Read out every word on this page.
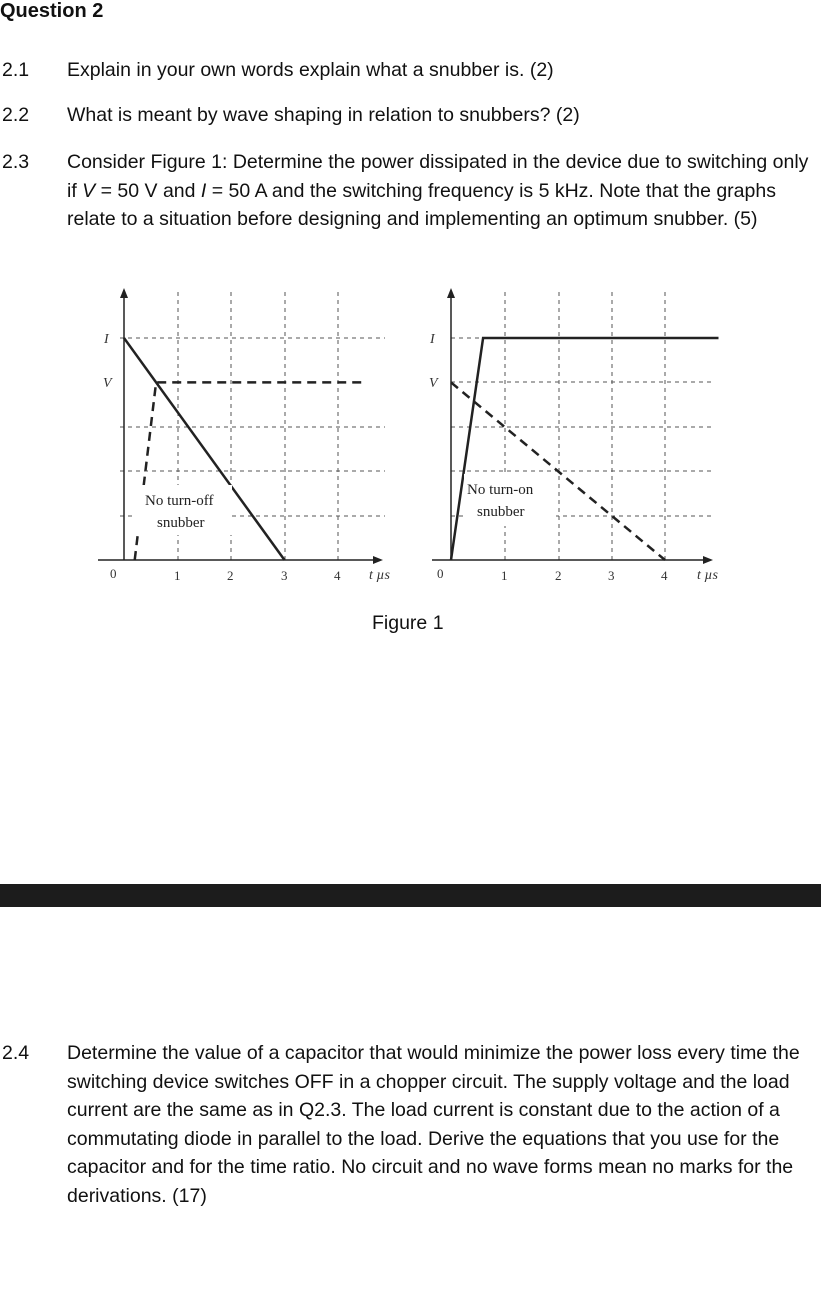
Question 2
2.1 Explain in your own words explain what a snubber is. (2)
2.2 What is meant by wave shaping in relation to snubbers? (2)
2.3 Consider Figure 1: Determine the power dissipated in the device due to switching only if V = 50 V and I = 50 A and the switching frequency is 5 kHz. Note that the graphs relate to a situation before designing and implementing an optimum snubber. (5)
No turn-off
snubber
I
V
0	1	2	3	4 t µs
No turn-on
snubber
I
V
0	1	2	3	4 t µs
Figure 1
2.4 Determine the value of a capacitor that would minimize the power loss every time the switching device switches OFF in a chopper circuit. The supply voltage and the load current are the same as in Q2.3. The load current is constant due to the action of a commutating diode in parallel to the load. Derive the equations that you use for the capacitor and for the time ratio. No circuit and no wave forms mean no marks for the derivations. (17)
